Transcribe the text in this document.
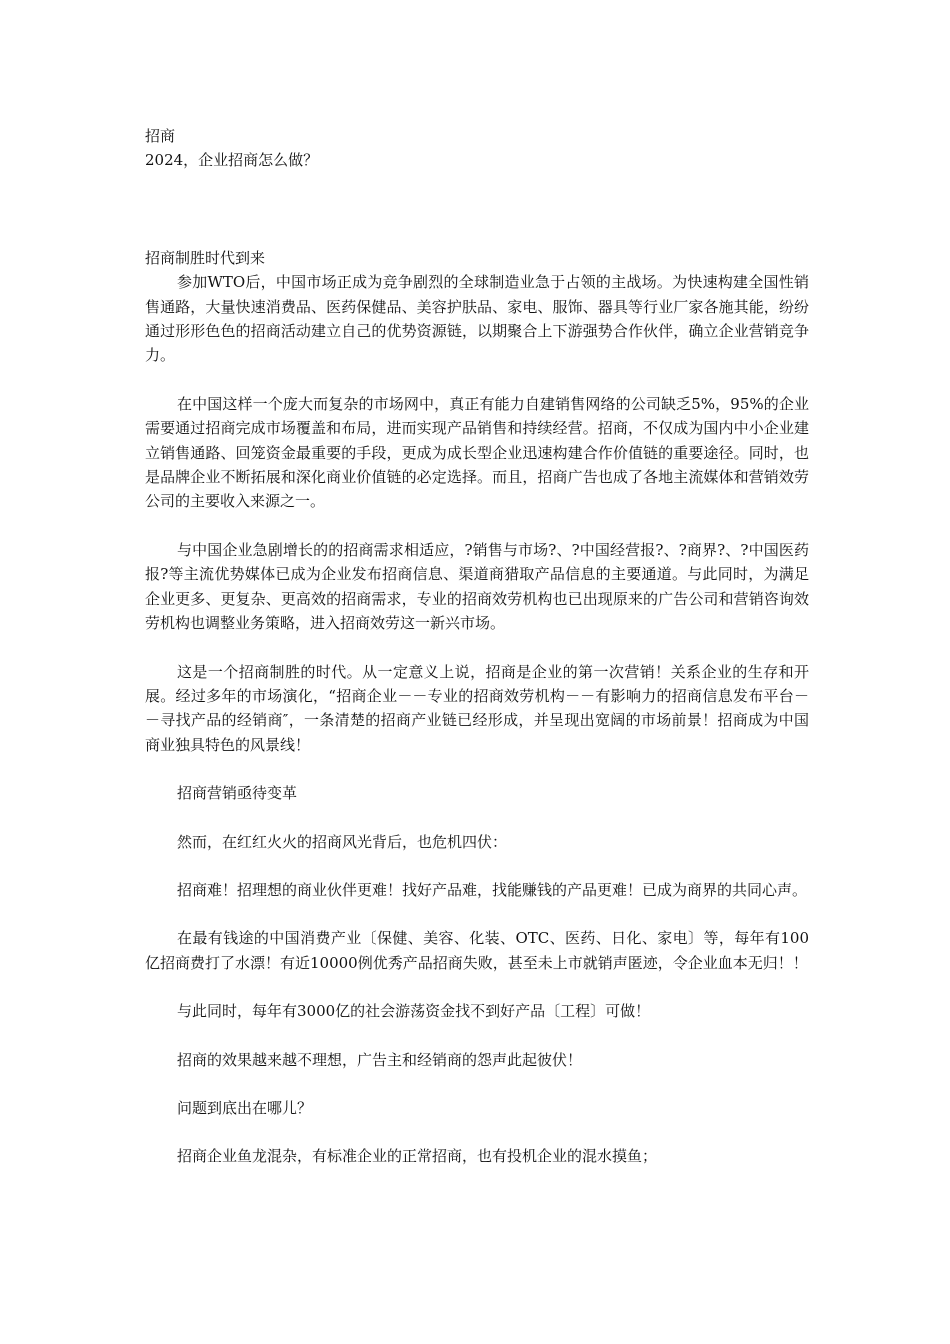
招商

2024，企业招商怎么做？

招商制胜时代到来

参加WTO后，中国市场正成为竞争剧烈的全球制造业急于占领的主战场。为快速构建全国性销售通路，大量快速消费品、医药保健品、美容护肤品、家电、服饰、器具等行业厂家各施其能，纷纷通过形形色色的招商活动建立自己的优势资源链，以期聚合上下游强势合作伙伴，确立企业营销竞争力。

在中国这样一个庞大而复杂的市场网中，真正有能力自建销售网络的公司缺乏5%，95%的企业需要通过招商完成市场覆盖和布局，进而实现产品销售和持续经营。招商，不仅成为国内中小企业建立销售通路、回笼资金最重要的手段，更成为成长型企业迅速构建合作价值链的重要途径。同时，也是品牌企业不断拓展和深化商业价值链的必定选择。而且，招商广告也成了各地主流媒体和营销效劳公司的主要收入来源之一。

与中国企业急剧增长的的招商需求相适应，?销售与市场?、?中国经营报?、?商界?、?中国医药报?等主流优势媒体已成为企业发布招商信息、渠道商猎取产品信息的主要通道。与此同时，为满足企业更多、更复杂、更高效的招商需求，专业的招商效劳机构也已出现原来的广告公司和营销咨询效劳机构也调整业务策略，进入招商效劳这一新兴市场。

这是一个招商制胜的时代。从一定意义上说，招商是企业的第一次营销！关系企业的生存和开展。经过多年的市场演化，“招商企业－－专业的招商效劳机构－－有影响力的招商信息发布平台－－寻找产品的经销商″，一条清楚的招商产业链已经形成，并呈现出宽阔的市场前景！招商成为中国商业独具特色的风景线！

招商营销亟待变革

然而，在红红火火的招商风光背后，也危机四伏：

招商难！招理想的商业伙伴更难！找好产品难，找能赚钱的产品更难！已成为商界的共同心声。

在最有钱途的中国消费产业〔保健、美容、化装、OTC、医药、日化、家电〕等，每年有100亿招商费打了水漂！有近10000例优秀产品招商失败，甚至未上市就销声匿迹，令企业血本无归！！

与此同时，每年有3000亿的社会游荡资金找不到好产品〔工程〕可做！

招商的效果越来越不理想，广告主和经销商的怨声此起彼伏！

问题到底出在哪儿？

招商企业鱼龙混杂，有标准企业的正常招商，也有投机企业的混水摸鱼；
